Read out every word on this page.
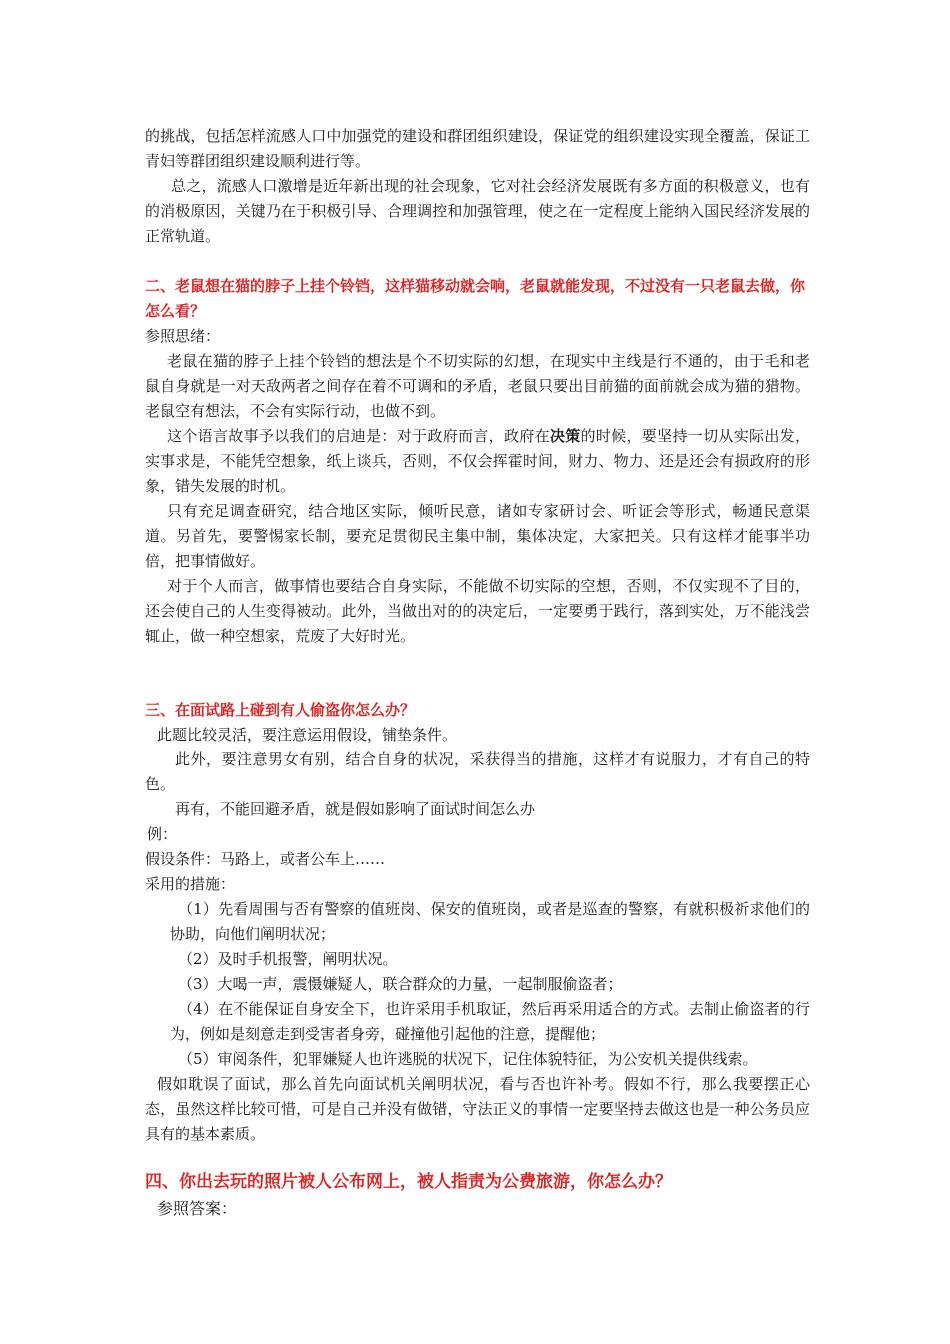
的挑战，包括怎样流感人口中加强党的建设和群团组织建设，保证党的组织建设实现全覆盖，保证工青妇等群团组织建设顺利进行等。

总之，流感人口激增是近年新出现的社会现象，它对社会经济发展既有多方面的积极意义，也有的消极原因，关键乃在于积极引导、合理调控和加强管理，使之在一定程度上能纳入国民经济发展的正常轨道。

二、老鼠想在猫的脖子上挂个铃铛，这样猫移动就会响，老鼠就能发现，不过没有一只老鼠去做，你怎么看？

参照思绪：

老鼠在猫的脖子上挂个铃铛的想法是个不切实际的幻想，在现实中主线是行不通的，由于毛和老鼠自身就是一对天敌两者之间存在着不可调和的矛盾，老鼠只要出目前猫的面前就会成为猫的猎物。老鼠空有想法，不会有实际行动，也做不到。

这个语言故事予以我们的启迪是：对于政府而言，政府在决策的时候，要坚持一切从实际出发，实事求是，不能凭空想象，纸上谈兵，否则，不仅会挥霍时间，财力、物力、还是还会有损政府的形象，错失发展的时机。

只有充足调查研究，结合地区实际，倾听民意，诸如专家研讨会、听证会等形式，畅通民意渠道。另首先，要警惕家长制，要充足贯彻民主集中制，集体决定，大家把关。只有这样才能事半功倍，把事情做好。

对于个人而言，做事情也要结合自身实际，不能做不切实际的空想，否则，不仅实现不了目的，还会使自己的人生变得被动。此外，当做出对的的决定后，一定要勇于践行，落到实处，万不能浅尝辄止，做一种空想家，荒废了大好时光。

三、在面试路上碰到有人偷盗你怎么办？

此题比较灵活，要注意运用假设，铺垫条件。

此外，要注意男女有别，结合自身的状况，采获得当的措施，这样才有说服力，才有自己的特色。

再有，不能回避矛盾，就是假如影响了面试时间怎么办

例：

假设条件：马路上，或者公车上……

采用的措施：

（1）先看周围与否有警察的值班岗、保安的值班岗，或者是巡查的警察，有就积极祈求他们的协助，向他们阐明状况；

（2）及时手机报警，阐明状况。

（3）大喝一声，震慑嫌疑人，联合群众的力量，一起制服偷盗者；

（4）在不能保证自身安全下，也许采用手机取证，然后再采用适合的方式。去制止偷盗者的行为，例如是刻意走到受害者身旁，碰撞他引起他的注意，提醒他；

（5）审阅条件，犯罪嫌疑人也许逃脱的状况下，记住体貌特征，为公安机关提供线索。

假如耽误了面试，那么首先向面试机关阐明状况，看与否也许补考。假如不行，那么我要摆正心态，虽然这样比较可惜，可是自己并没有做错，守法正义的事情一定要坚持去做这也是一种公务员应具有的基本素质。

四、你出去玩的照片被人公布网上，被人指责为公费旅游，你怎么办？

参照答案：
